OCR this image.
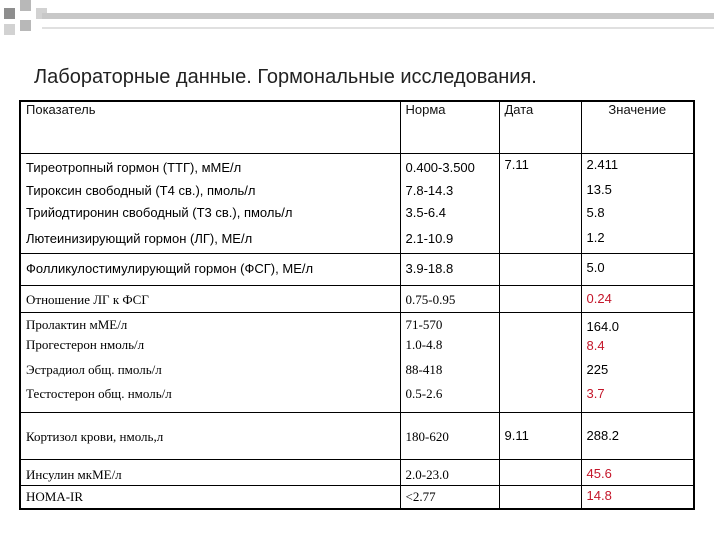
Лабораторные данные. Гормональные исследования.
Показатель	Норма	Дата	Значение
Тиреотропный гормон (ТТГ), мМЕ/л	0.400-3.500	7.11	2.411
Тироксин свободный (Т4 св.), пмоль/л	7.8-14.3		13.5
Трийодтиронин свободный (Т3 св.), пмоль/л	3.5-6.4		5.8
Лютеинизирующий гормон (ЛГ), МЕ/л	2.1-10.9		1.2
Фолликулостимулирующий гормон (ФСГ), МЕ/л	3.9-18.8		5.0
Отношение ЛГ к ФСГ	0.75-0.95		0.24
Пролактин мМЕ/л	71-570		164.0
Прогестерон нмоль/л	1.0-4.8		8.4
Эстрадиол общ. пмоль/л	88-418		225
Тестостерон общ. нмоль/л	0.5-2.6		3.7
Кортизол крови, нмоль,л	180-620	9.11	288.2
Инсулин мкМЕ/л	2.0-23.0		45.6
HOMA-IR	<2.77		14.8
